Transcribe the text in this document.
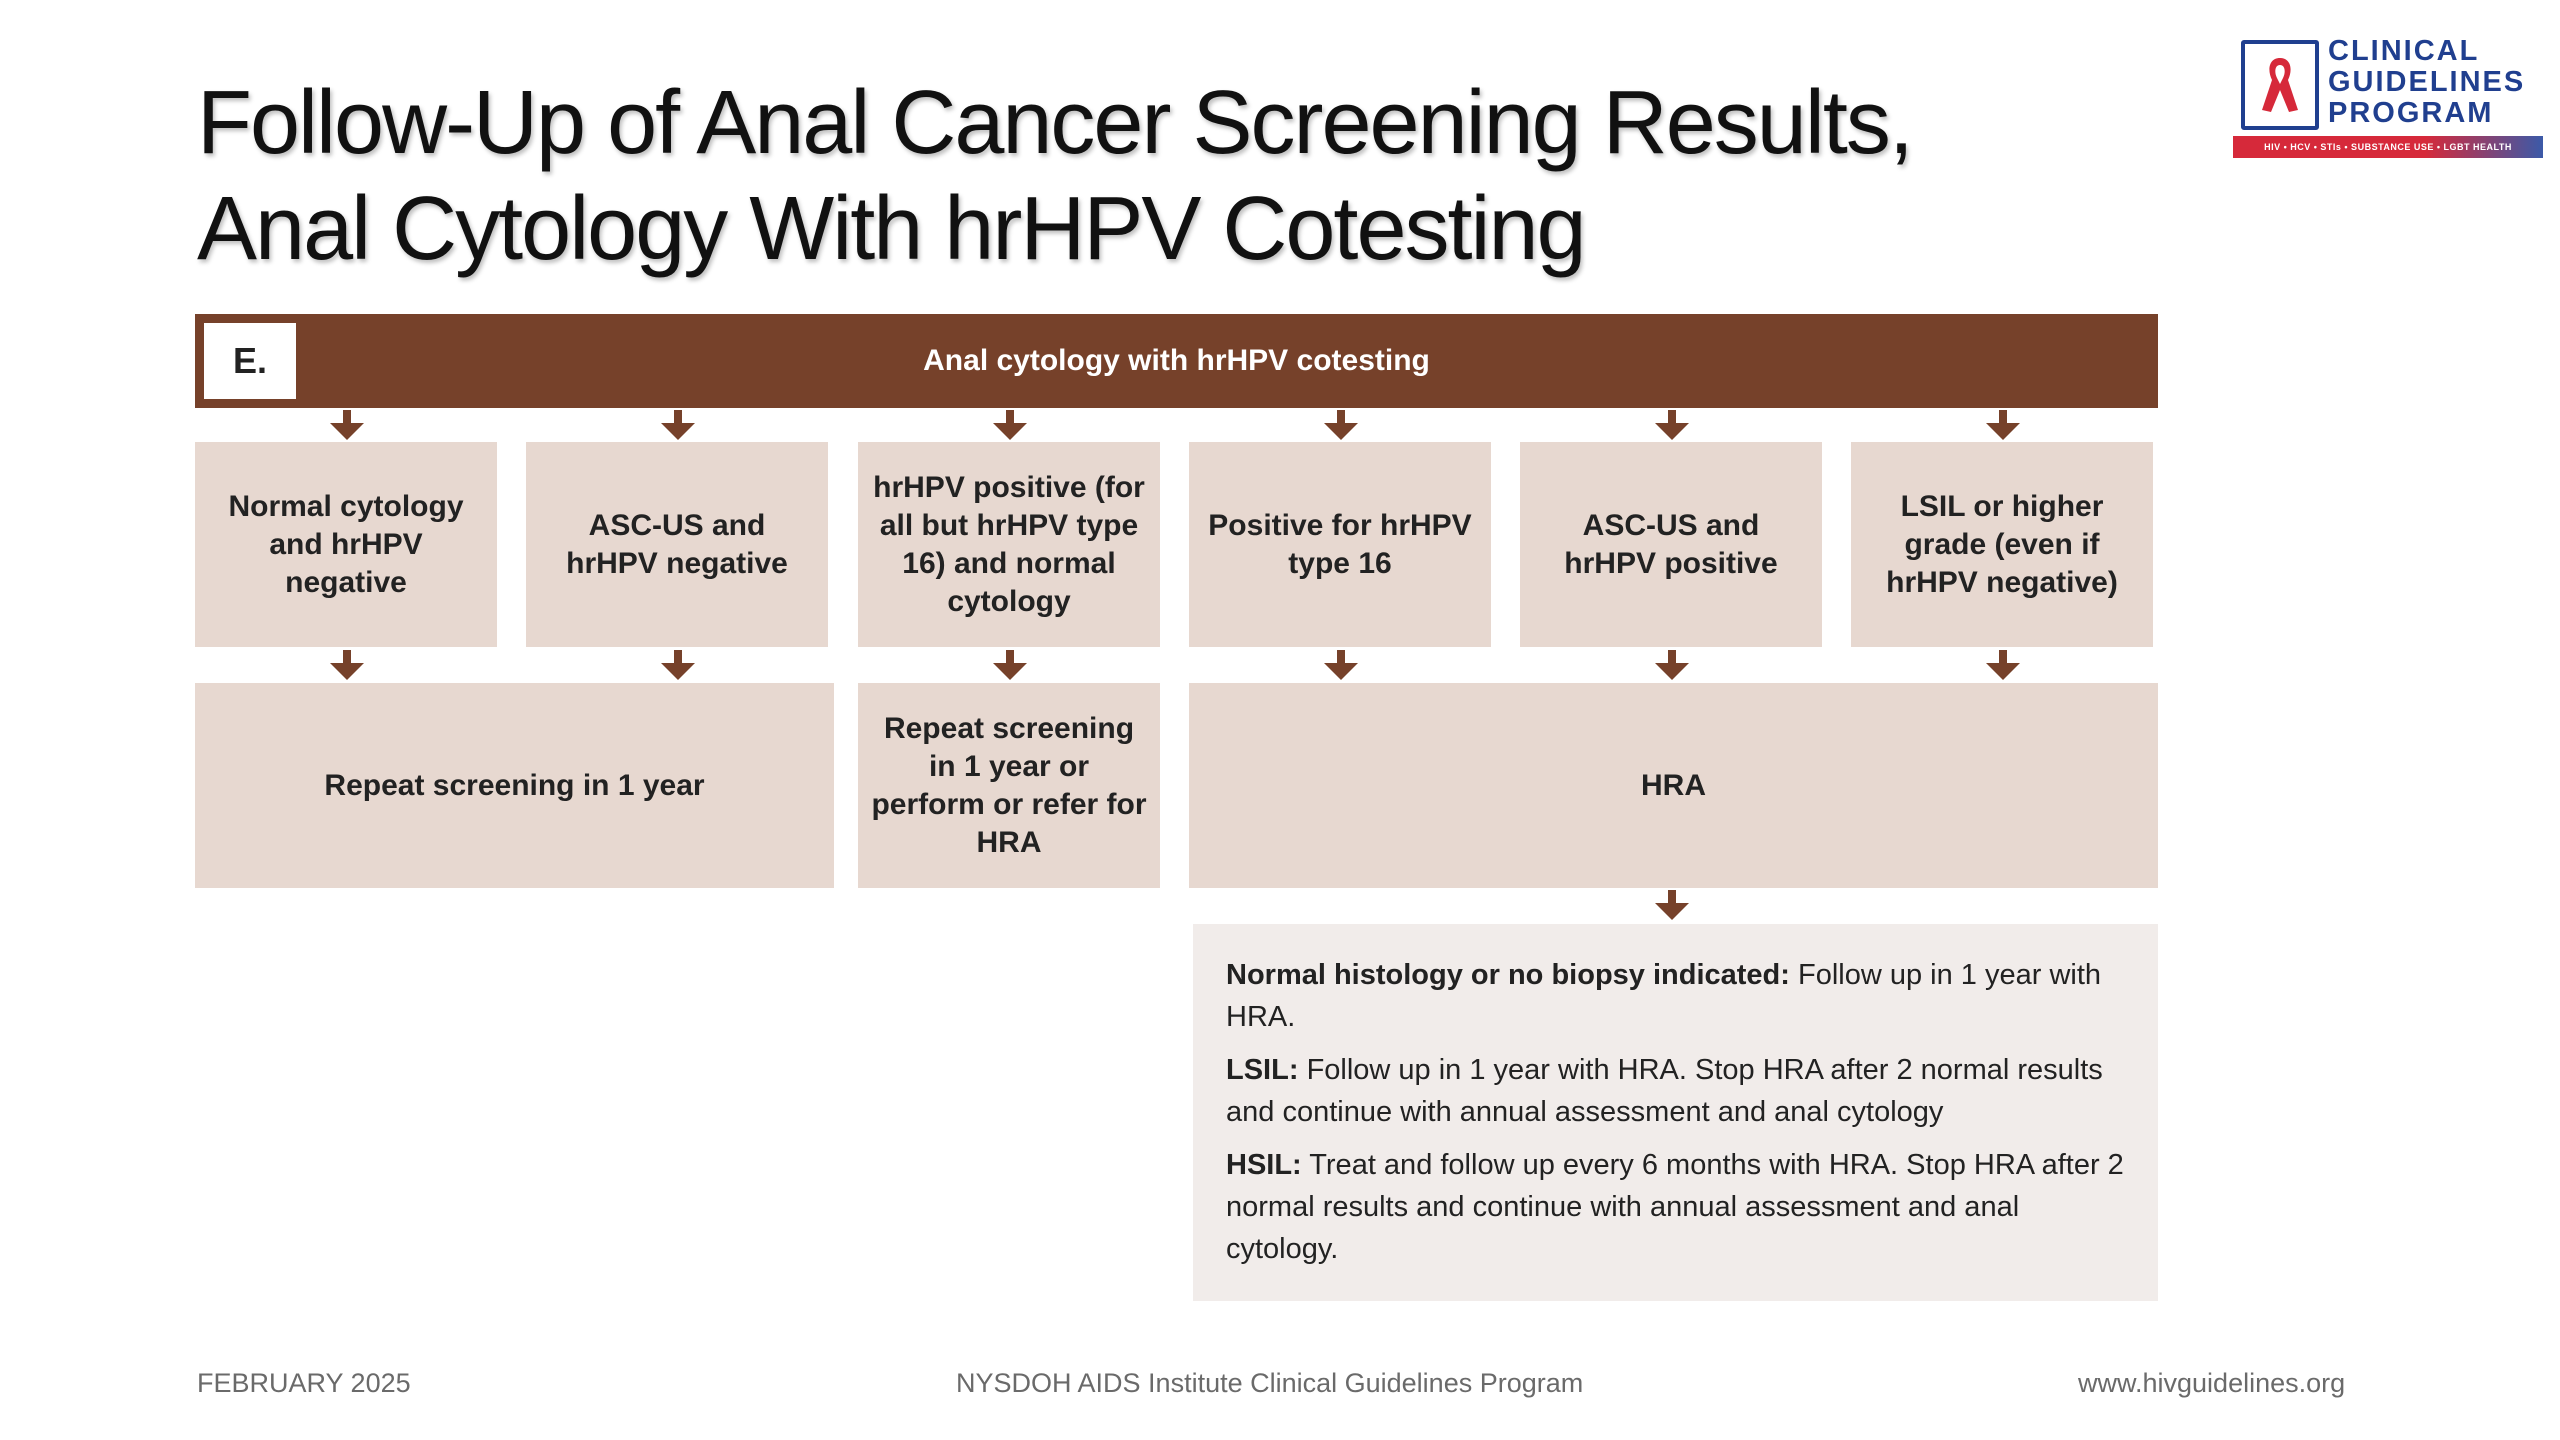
Follow-Up of Anal Cancer Screening Results,
Anal Cytology With hrHPV Cotesting
CLINICAL
GUIDELINES
PROGRAM
HIV • HCV • STIs • SUBSTANCE USE • LGBT HEALTH
Anal cytology with hrHPV cotesting
E.
Normal cytology and hrHPV negative
ASC-US and hrHPV negative
hrHPV positive (for all but hrHPV type 16) and normal cytology
Positive for hrHPV type 16
ASC-US and hrHPV positive
LSIL or higher grade (even if hrHPV negative)
Repeat screening in 1 year
Repeat screening in 1 year or perform or refer for HRA
HRA

Normal histology or no biopsy indicated: Follow up in 1 year with HRA.

LSIL: Follow up in 1 year with HRA. Stop HRA after 2 normal results and continue with annual assessment and anal cytology

HSIL: Treat and follow up every 6 months with HRA. Stop HRA after 2 normal results and continue with annual assessment and anal cytology.

FEBRUARY 2025	NYSDOH AIDS Institute Clinical Guidelines Program	www.hivguidelines.org
